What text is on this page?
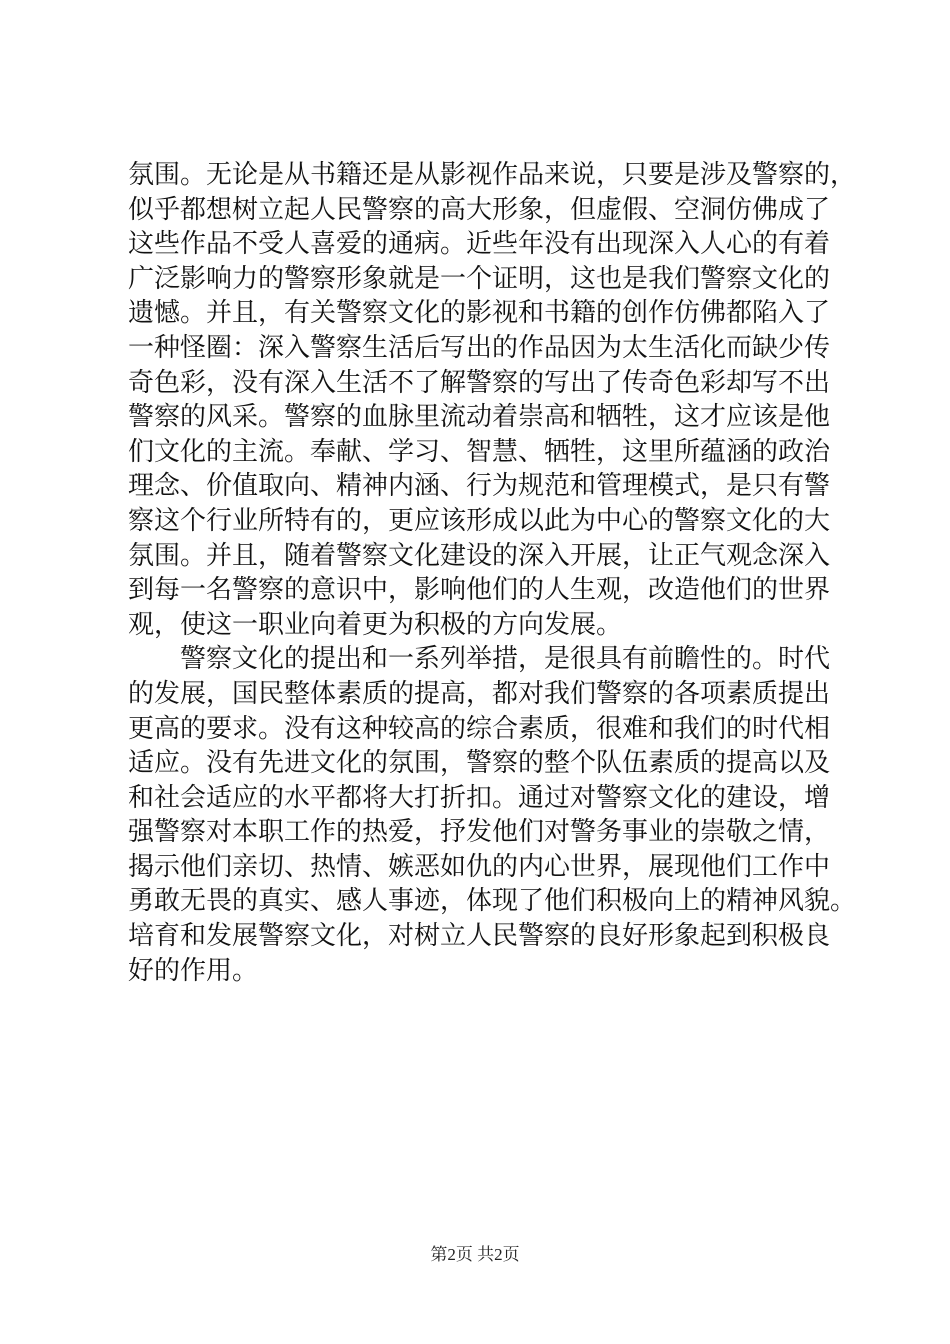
氛围。无论是从书籍还是从影视作品来说，只要是涉及警察的，
似乎都想树立起人民警察的高大形象，但虚假、空洞仿佛成了
这些作品不受人喜爱的通病。近些年没有出现深入人心的有着
广泛影响力的警察形象就是一个证明，这也是我们警察文化的
遗憾。并且，有关警察文化的影视和书籍的创作仿佛都陷入了
一种怪圈：深入警察生活后写出的作品因为太生活化而缺少传
奇色彩，没有深入生活不了解警察的写出了传奇色彩却写不出
警察的风采。警察的血脉里流动着崇高和牺牲，这才应该是他
们文化的主流。奉献、学习、智慧、牺牲，这里所蕴涵的政治
理念、价值取向、精神内涵、行为规范和管理模式，是只有警
察这个行业所特有的，更应该形成以此为中心的警察文化的大
氛围。并且，随着警察文化建设的深入开展，让正气观念深入
到每一名警察的意识中，影响他们的人生观，改造他们的世界
观，使这一职业向着更为积极的方向发展。
警察文化的提出和一系列举措，是很具有前瞻性的。时代
的发展，国民整体素质的提高，都对我们警察的各项素质提出
更高的要求。没有这种较高的综合素质，很难和我们的时代相
适应。没有先进文化的氛围，警察的整个队伍素质的提高以及
和社会适应的水平都将大打折扣。通过对警察文化的建设，增
强警察对本职工作的热爱，抒发他们对警务事业的崇敬之情，
揭示他们亲切、热情、嫉恶如仇的内心世界，展现他们工作中
勇敢无畏的真实、感人事迹，体现了他们积极向上的精神风貌。
培育和发展警察文化，对树立人民警察的良好形象起到积极良
好的作用。
第2页 共2页
